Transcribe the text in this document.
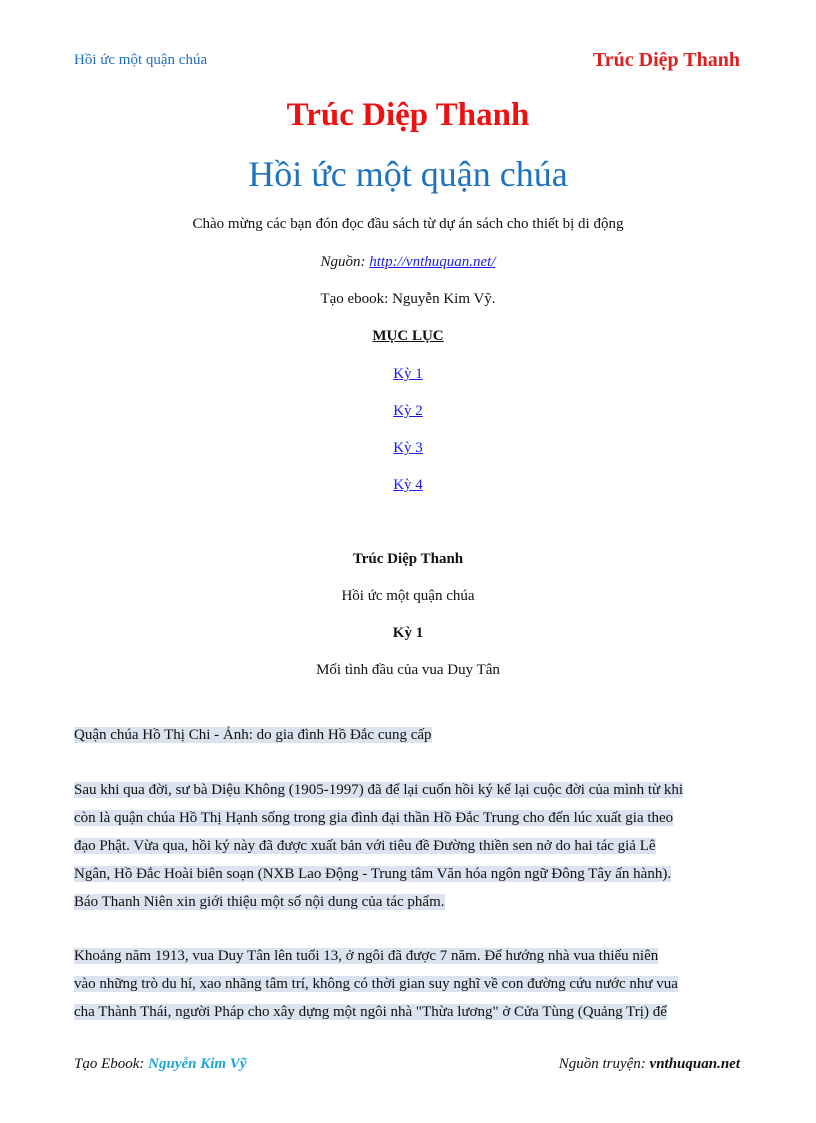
Hồi ức một quận chúa	Trúc Diệp Thanh
Trúc Diệp Thanh
Hồi ức một quận chúa
Chào mừng các bạn đón đọc đầu sách từ dự án sách cho thiết bị di động
Nguồn: http://vnthuquan.net/
Tạo ebook: Nguyễn Kim Vỹ.
MỤC LỤC
Kỳ 1
Kỳ 2
Kỳ 3
Kỳ 4
Trúc Diệp Thanh
Hồi ức một quận chúa
Kỳ 1
Mối tình đầu của vua Duy Tân
Quận chúa Hồ Thị Chi - Ảnh: do gia đình Hồ Đắc cung cấp
Sau khi qua đời, sư bà Diệu Không (1905-1997) đã để lại cuốn hồi ký kể lại cuộc đời của mình từ khi
còn là quận chúa Hồ Thị Hạnh sống trong gia đình đại thần Hồ Đắc Trung cho đến lúc xuất gia theo
đạo Phật. Vừa qua, hồi ký này đã được xuất bản với tiêu đề Đường thiền sen nở do hai tác giả Lê
Ngân, Hồ Đắc Hoài biên soạn (NXB Lao Động - Trung tâm Văn hóa ngôn ngữ Đông Tây ấn hành).
Báo Thanh Niên xin giới thiệu một số nội dung của tác phẩm.
Khoảng năm 1913, vua Duy Tân lên tuổi 13, ở ngôi đã được 7 năm. Để hướng nhà vua thiếu niên
vào những trò du hí, xao nhãng tâm trí, không có thời gian suy nghĩ về con đường cứu nước như vua
cha Thành Thái, người Pháp cho xây dựng một ngôi nhà "Thừa lương" ở Cửa Tùng (Quảng Trị) để
Tạo Ebook: Nguyễn Kim Vỹ	Nguồn truyện: vnthuquan.net
